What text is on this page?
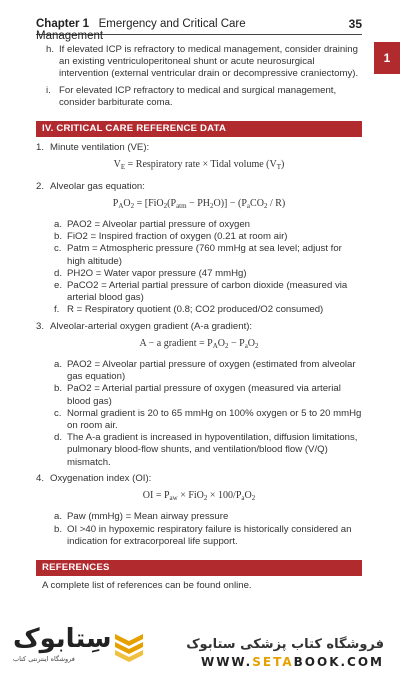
Chapter 1 Emergency and Critical Care Management
35
1
h. If elevated ICP is refractory to medical management, consider draining an existing ventriculoperitoneal shunt or acute neurosurgical intervention (external ventricular drain or decompressive craniectomy).
i. For elevated ICP refractory to medical and surgical management, consider barbiturate coma.
IV. CRITICAL CARE REFERENCE DATA
1. Minute ventilation (VE):
$V_E$ = Respiratory rate × Tidal volume $(V_T)$
2. Alveolar gas equation:
$P_AO_2 = [FiO_2(P_{atm} - PH_2O)] - (P_aCO_2 / R)$
a. PAO2 = Alveolar partial pressure of oxygen
b. FiO2 = Inspired fraction of oxygen (0.21 at room air)
c. Patm = Atmospheric pressure (760 mmHg at sea level; adjust for high altitude)
d. PH2O = Water vapor pressure (47 mmHg)
e. PaCO2 = Arterial partial pressure of carbon dioxide (measured via arterial blood gas)
f. R = Respiratory quotient (0.8; CO2 produced/O2 consumed)
3. Alveolar-arterial oxygen gradient (A-a gradient):
A − a gradient = $P_AO_2 - P_aO_2$
a. PAO2 = Alveolar partial pressure of oxygen (estimated from alveolar gas equation)
b. PaO2 = Arterial partial pressure of oxygen (measured via arterial blood gas)
c. Normal gradient is 20 to 65 mmHg on 100% oxygen or 5 to 20 mmHg on room air.
d. The A-a gradient is increased in hypoventilation, diffusion limitations, pulmonary blood-flow shunts, and ventilation/blood flow (V/Q) mismatch.
4. Oxygenation index (OI):
OI = $P_{aw} \times FiO_2 \times 100/P_aO_2$
a. Paw (mmHg) = Mean airway pressure
b. OI >40 in hypoxemic respiratory failure is historically considered an indication for extracorporeal life support.
REFERENCES
A complete list of references can be found online.
سِتابوک
فروشگاه اینترنتی کتاب
فروشگاه کتاب پزشکی ستابوک
WWW.SETABOOK.COM
